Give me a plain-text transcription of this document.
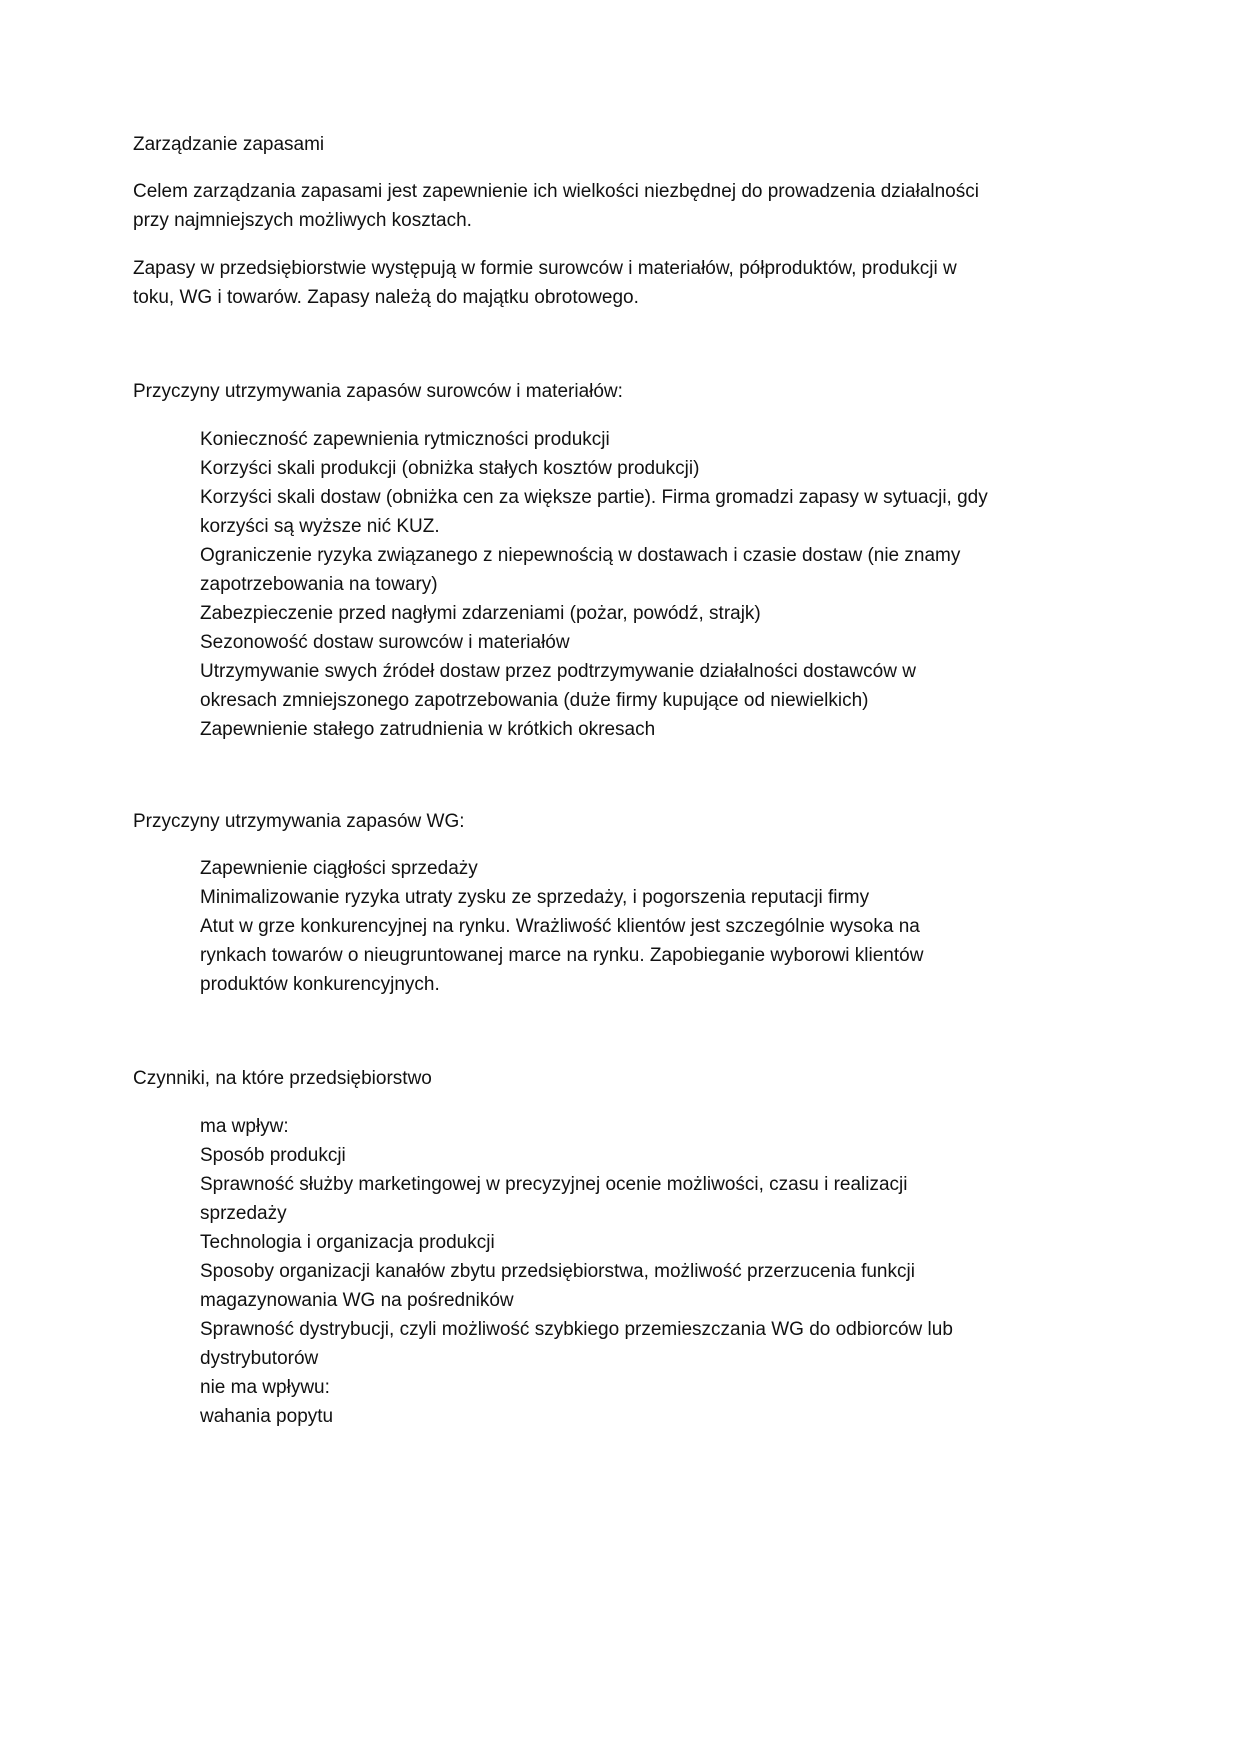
Zarządzanie zapasami
Celem zarządzania zapasami jest zapewnienie ich wielkości niezbędnej do prowadzenia działalności
przy najmniejszych możliwych kosztach.
Zapasy w przedsiębiorstwie występują w formie surowców i materiałów, półproduktów, produkcji w
toku, WG i towarów. Zapasy należą do majątku obrotowego.
Przyczyny utrzymywania zapasów surowców i materiałów:
Konieczność zapewnienia rytmiczności produkcji
Korzyści skali produkcji (obniżka stałych kosztów produkcji)
Korzyści skali dostaw (obniżka cen za większe partie). Firma gromadzi zapasy w sytuacji, gdy
korzyści są wyższe nić KUZ.
Ograniczenie ryzyka związanego z niepewnością w dostawach i czasie dostaw (nie znamy
zapotrzebowania na towary)
Zabezpieczenie przed nagłymi zdarzeniami (pożar, powódź, strajk)
Sezonowość dostaw surowców i materiałów
Utrzymywanie swych źródeł dostaw przez podtrzymywanie działalności dostawców w
okresach zmniejszonego zapotrzebowania (duże firmy kupujące od niewielkich)
Zapewnienie stałego zatrudnienia w krótkich okresach
Przyczyny utrzymywania zapasów WG:
Zapewnienie ciągłości sprzedaży
Minimalizowanie ryzyka utraty zysku ze sprzedaży, i pogorszenia reputacji firmy
Atut w grze konkurencyjnej na rynku. Wrażliwość klientów jest szczególnie wysoka na
rynkach towarów o nieugruntowanej marce na rynku. Zapobieganie wyborowi klientów
produktów konkurencyjnych.
Czynniki, na które przedsiębiorstwo
ma wpływ:
Sposób produkcji
Sprawność służby marketingowej w precyzyjnej ocenie możliwości, czasu i realizacji
sprzedaży
Technologia i organizacja produkcji
Sposoby organizacji kanałów zbytu przedsiębiorstwa, możliwość przerzucenia funkcji
magazynowania WG na pośredników
Sprawność dystrybucji, czyli możliwość szybkiego przemieszczania WG do odbiorców lub
dystrybutorów
nie ma wpływu:
wahania popytu
